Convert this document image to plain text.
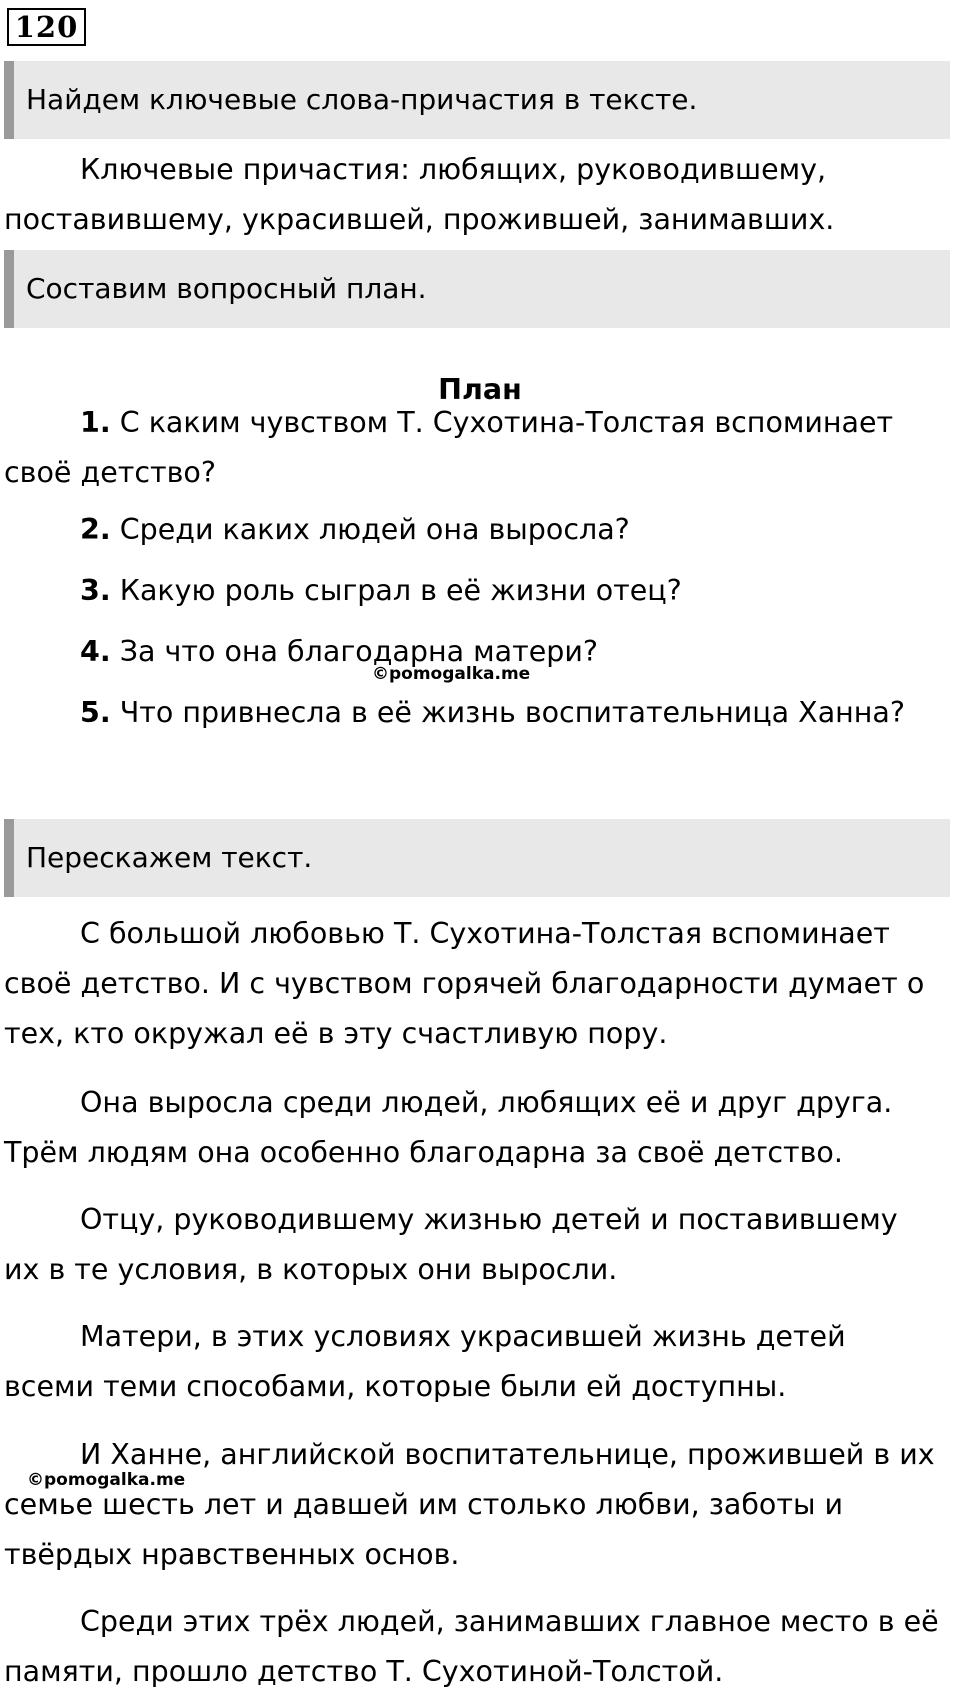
120
Найдем ключевые слова-причастия в тексте.
Ключевые причастия: любящих, руководившему,
поставившему, украсившей, прожившей, занимавших.
Составим вопросный план.
План
1. С каким чувством Т. Сухотина-Толстая вспоминает
своё детство?
2. Среди каких людей она выросла?
3. Какую роль сыграл в её жизни отец?
©pomogalka.me
4. За что она благодарна матери?
5. Что привнесла в её жизнь воспитательница Ханна?
Перескажем текст.
С большой любовью Т. Сухотина-Толстая вспоминает
своё детство. И с чувством горячей благодарности думает о
тех, кто окружал её в эту счастливую пору.
Она выросла среди людей, любящих её и друг друга.
Трём людям она особенно благодарна за своё детство.
Отцу, руководившему жизнью детей и поставившему
их в те условия, в которых они выросли.
Матери, в этих условиях украсившей жизнь детей
всеми теми способами, которые были ей доступны.
И Ханне, английской воспитательнице, прожившей в их
семье шесть лет и давшей им столько любви, заботы и
твёрдых нравственных основ.
©pomogalka.me
Среди этих трёх людей, занимавших главное место в её
памяти, прошло детство Т. Сухотиной-Толстой.
